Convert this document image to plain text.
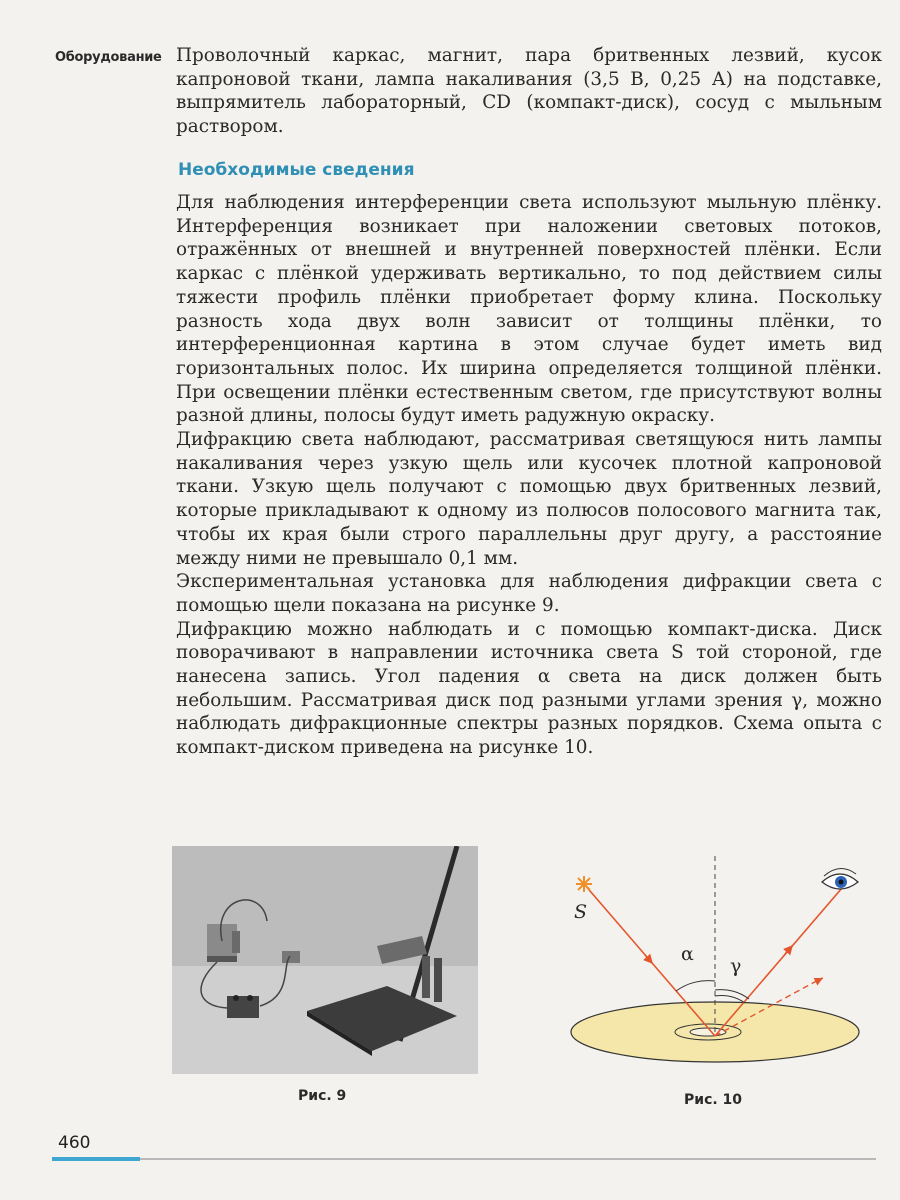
Оборудование Проволочный каркас, магнит, пара бритвенных лезвий, кусок капроновой ткани, лампа накаливания (3,5 В, 0,25 А) на подставке, выпрямитель лабораторный, CD (компакт-диск), сосуд с мыльным раствором.

Необходимые сведения

Для наблюдения интерференции света используют мыльную плёнку. Интерференция возникает при наложении световых потоков, отражённых от внешней и внутренней поверхностей плёнки. Если каркас с плёнкой удерживать вертикально, то под действием силы тяжести профиль плёнки приобретает форму клина. Поскольку разность хода двух волн зависит от толщины плёнки, то интерференционная картина в этом случае будет иметь вид горизонтальных полос. Их ширина определяется толщиной плёнки. При освещении плёнки естественным светом, где присутствуют волны разной длины, полосы будут иметь радужную окраску.

Дифракцию света наблюдают, рассматривая светящуюся нить лампы накаливания через узкую щель или кусочек плотной капроновой ткани. Узкую щель получают с помощью двух бритвенных лезвий, которые прикладывают к одному из полюсов полосового магнита так, чтобы их края были строго параллельны друг другу, а расстояние между ними не превышало 0,1 мм.

Экспериментальная установка для наблюдения дифракции света с помощью щели показана на рисунке 9.

Дифракцию можно наблюдать и с помощью компакт-диска. Диск поворачивают в направлении источника света S той стороной, где нанесена запись. Угол падения α света на диск должен быть небольшим. Рассматривая диск под разными углами зрения γ, можно наблюдать дифракционные спектры разных порядков. Схема опыта с компакт-диском приведена на рисунке 10.

S
α
γ
Рис. 9	Рис. 10
460
